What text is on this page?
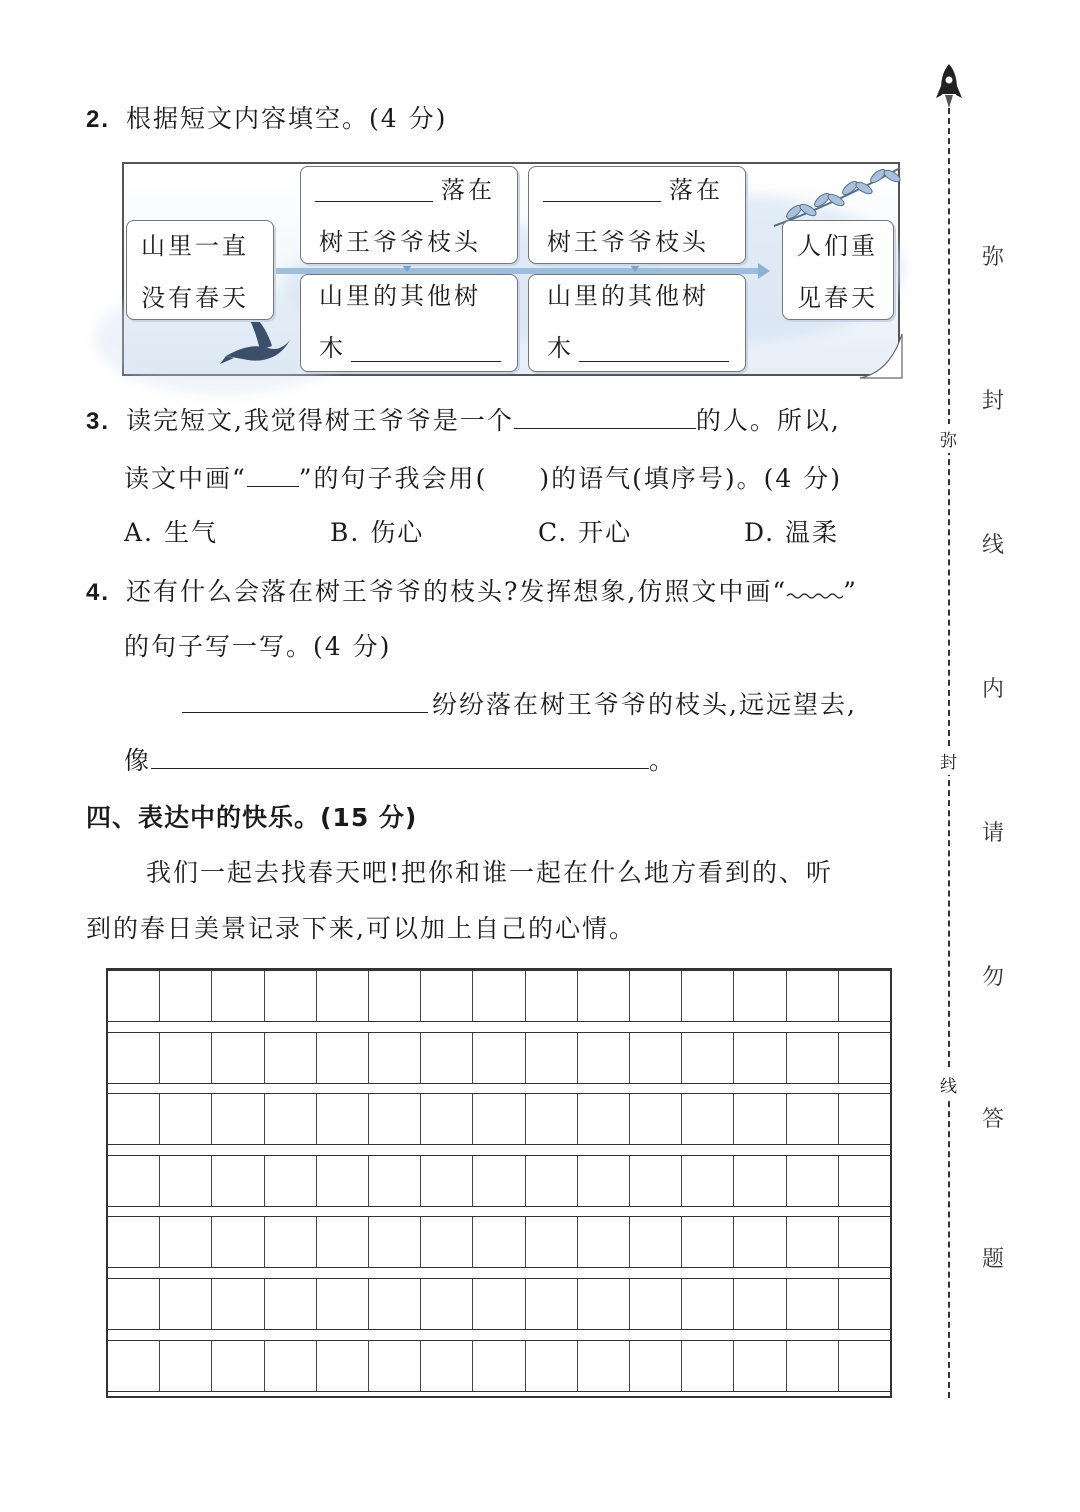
2. 根据短文内容填空。(4 分)
山里一直
没有春天
落在
树王爷爷枝头
山里的其他树
木
落在
树王爷爷枝头
山里的其他树
木
人们重
见春天
3. 读完短文,我觉得树王爷爷是一个	的人。所以,
读文中画“ ”的句子我会用( )的语气(填序号)。(4 分)
A. 生气	B. 伤心	C. 开心	D. 温柔
4. 还有什么会落在树王爷爷的枝头?发挥想象,仿照文中画“ ”
的句子写一写。(4 分)
纷纷落在树王爷爷的枝头,远远望去,
像	。
四、表达中的快乐。(15 分)
我们一起去找春天吧!把你和谁一起在什么地方看到的、听
到的春日美景记录下来,可以加上自己的心情。
弥
封
线
弥
封
线
内
请
勿
答
题
